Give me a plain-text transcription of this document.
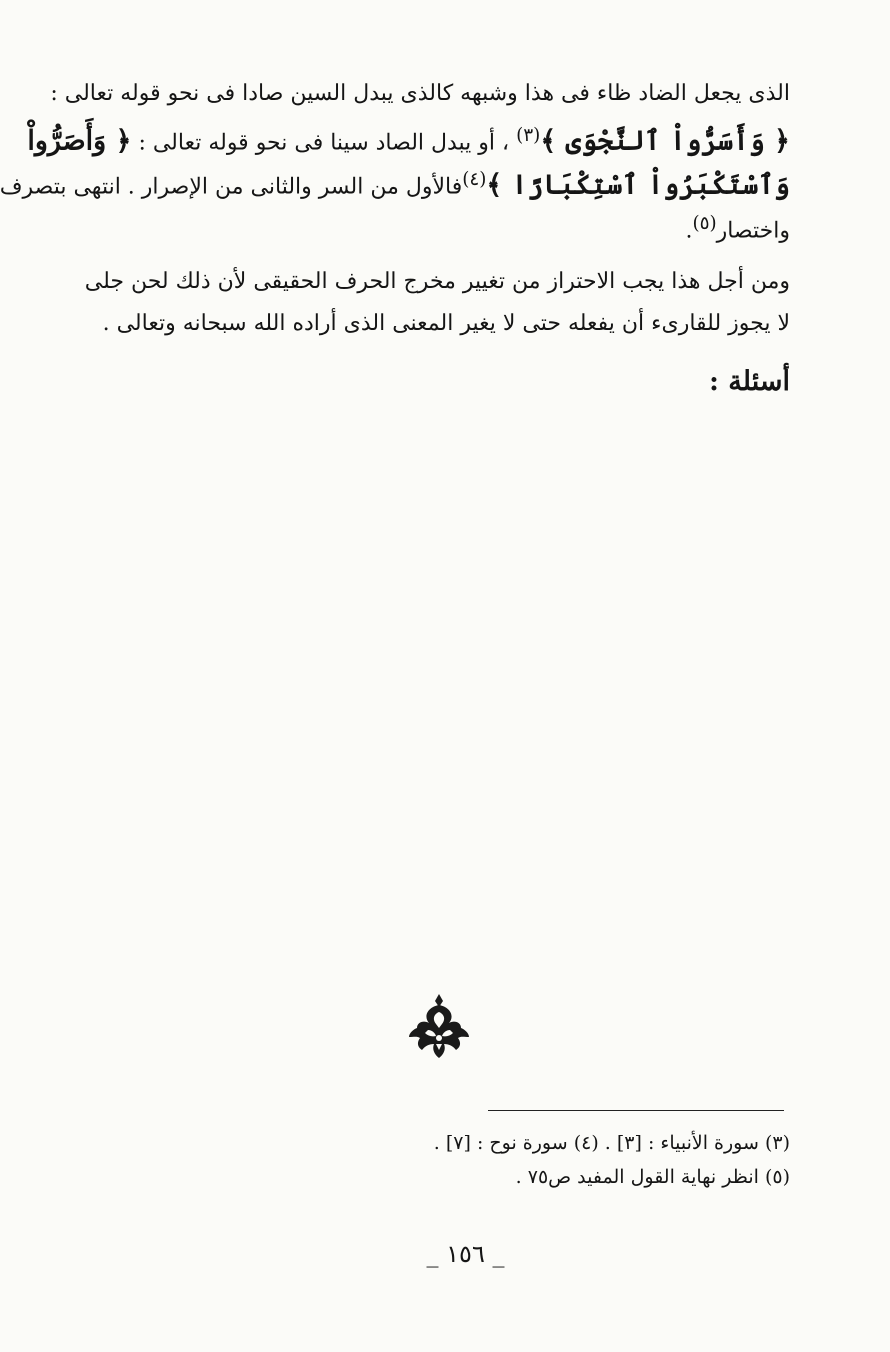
الذى يجعل الضاد ظاء فى هذا وشبهه كالذى يبدل السين صادا فى نحو قوله تعالى :
﴿ وَأَسَرُّواْ ٱلنَّجْوَى ﴾$^{(٣)}$ ، أو يبدل الصاد سينا فى نحو قوله تعالى : ﴿ وَأَصَرُّواْ
وَٱسْتَكْبَرُواْ ٱسْتِكْبَارًا ﴾$^{(٤)}$فالأول من السر والثانى من الإصرار . انتهى بتصرف
واختصار$^{(٥)}$.
ومن أجل هذا يجب الاحتراز من تغيير مخرج الحرف الحقيقى لأن ذلك لحن جلى
لا يجوز للقارىء أن يفعله حتى لا يغير المعنى الذى أراده الله سبحانه وتعالى .
أسئلة :
(٣) سورة الأنبياء : [٣] . (٤) سورة نوح : [٧] .
(٥) انظر نهاية القول المفيد ص٧٥ .
_ ١٥٦ _
